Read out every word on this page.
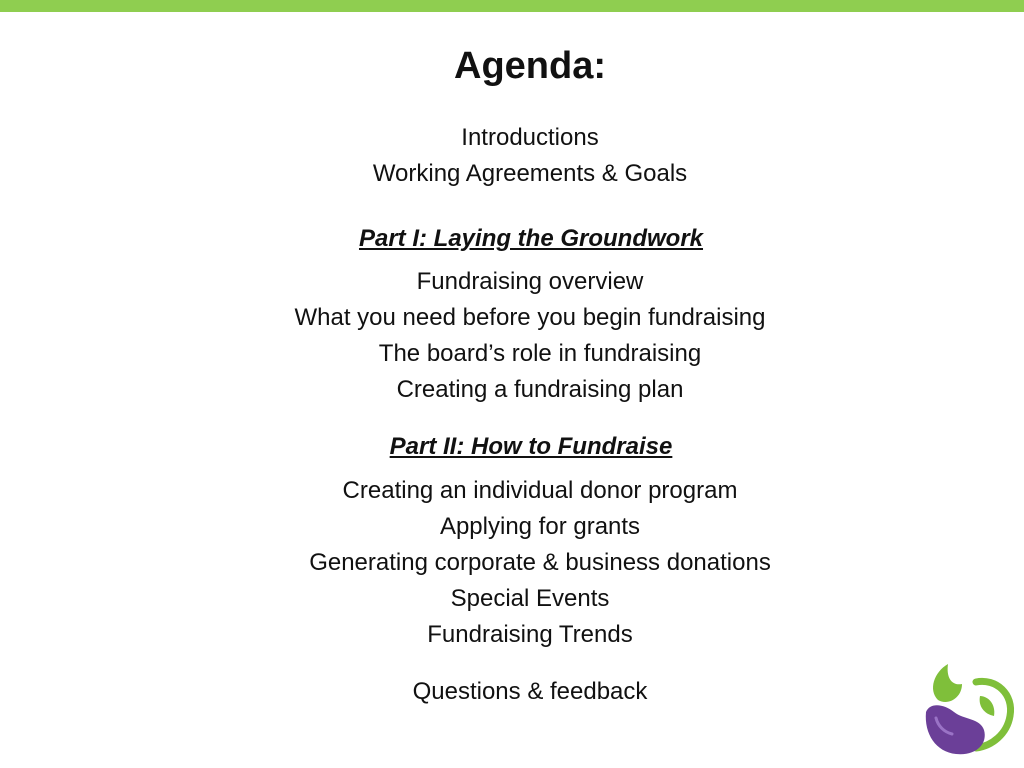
Agenda:
Introductions
Working Agreements & Goals
Part I: Laying the Groundwork
Fundraising overview
What you need before you begin fundraising
The board’s role in fundraising
Creating a fundraising plan
Part II: How to Fundraise
Creating an individual donor program
Applying for grants
Generating corporate & business donations
Special Events
Fundraising Trends
Questions & feedback
